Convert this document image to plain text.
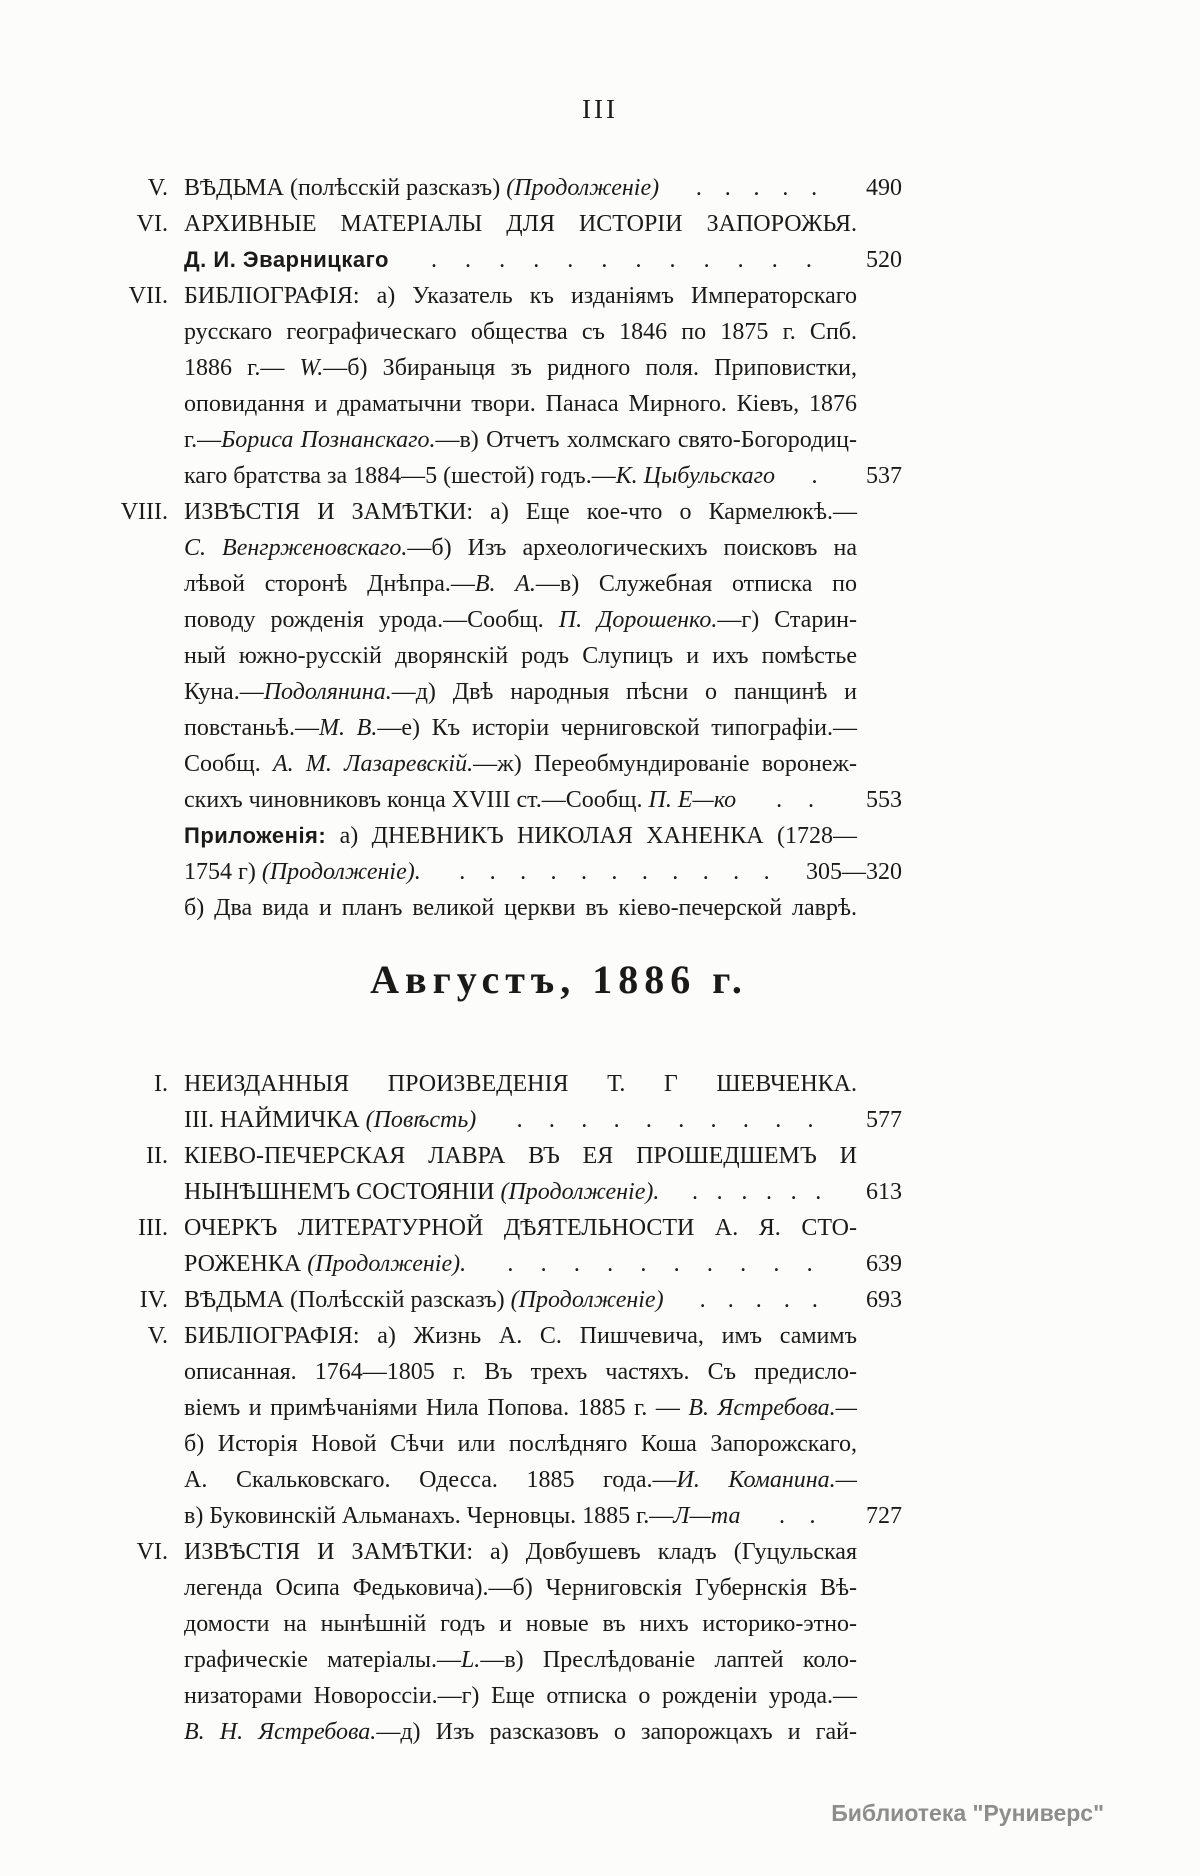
III
V. ВѢДЬМА (полѣсскій разсказъ) (Продолженіе) . . . . .	490
VI. АРХИВНЫЕ МАТЕРІАЛЫ ДЛЯ ИСТОРІИ ЗАПОРОЖЬЯ.
Д. И. Эварницкаго . . . . . . . . . . . .	520
VII. БИБЛІОГРАФІЯ: а) Указатель къ изданіямъ Императорскаго
русскаго географическаго общества съ 1846 по 1875 г. Спб.
1886 г.— W.—б) Збираныця зъ ридного поля. Приповистки,
оповидання и драматычни твори. Панаса Мирного. Кіевъ, 1876
г.—Бориса Познанскаго.—в) Отчетъ холмскаго свято-Богородиц-
каго братства за 1884—5 (шестой) годъ.—К. Цыбульскаго .	537
VIII. ИЗВѢСТІЯ И ЗАМѢТКИ: а) Еще кое-что о Кармелюкѣ.—
С. Венгрженовскаго.—б) Изъ археологическихъ поисковъ на
лѣвой сторонѣ Днѣпра.—В. А.—в) Служебная отписка по
поводу рожденія урода.—Сообщ. П. Дорошенко.—г) Старин-
ный южно-русскій дворянскій родъ Слупицъ и ихъ помѣстье
Куна.—Подолянина.—д) Двѣ народныя пѣсни о панщинѣ и
повстаньѣ.—М. В.—е) Къ исторіи черниговской типографіи.—
Сообщ. А. М. Лазаревскій.—ж) Переобмундированіе воронеж-
скихъ чиновниковъ конца XVIII ст.—Сообщ. П. Е—ко . .	553
Приложенія: а) ДНЕВНИКЪ НИКОЛАЯ ХАНЕНКА (1728—
1754 г) (Продолженіе). . . . . . . . . . . . 305—320
б) Два вида и планъ великой церкви въ кіево-печерской лаврѣ.
Августъ, 1886 г.
I. НЕИЗДАННЫЯ ПРОИЗВЕДЕНІЯ Т. Г ШЕВЧЕНКА.
III. НАЙМИЧКА (Повѣсть) . . . . . . . . . .	577
II. КІЕВО-ПЕЧЕРСКАЯ ЛАВРА ВЪ ЕЯ ПРОШЕДШЕМЪ И
НЫНѢШНЕМЪ СОСТОЯНІИ (Продолженіе). . . . . . .	613
III. ОЧЕРКЪ ЛИТЕРАТУРНОЙ ДѢЯТЕЛЬНОСТИ А. Я. СТО-
РОЖЕНКА (Продолженіе). . . . . . . . . . .	639
IV. ВѢДЬМА (Полѣсскій разсказъ) (Продолженіе) . . . . .	693
V. БИБЛІОГРАФІЯ: а) Жизнь А. С. Пишчевича, имъ самимъ
описанная. 1764—1805 г. Въ трехъ частяхъ. Съ предисло-
віемъ и примѣчаніями Нила Попова. 1885 г. — В. Ястребова.—
б) Исторія Новой Сѣчи или послѣдняго Коша Запорожскаго,
А. Скальковскаго. Одесса. 1885 года.—И. Команина.—
в) Буковинскій Альманахъ. Черновцы. 1885 г.—Л—та . .	727
VI. ИЗВѢСТІЯ И ЗАМѢТКИ: а) Довбушевъ кладъ (Гуцульская
легенда Осипа Федьковича).—б) Черниговскія Губернскія Вѣ-
домости на нынѣшній годъ и новые въ нихъ историко-этно-
графическіе матеріалы.—L.—в) Преслѣдованіе лаптей коло-
низаторами Новороссіи.—г) Еще отписка о рожденіи урода.—
В. Н. Ястребова.—д) Изъ разсказовъ о запорожцахъ и гай-
Библиотека "Руниверс"
